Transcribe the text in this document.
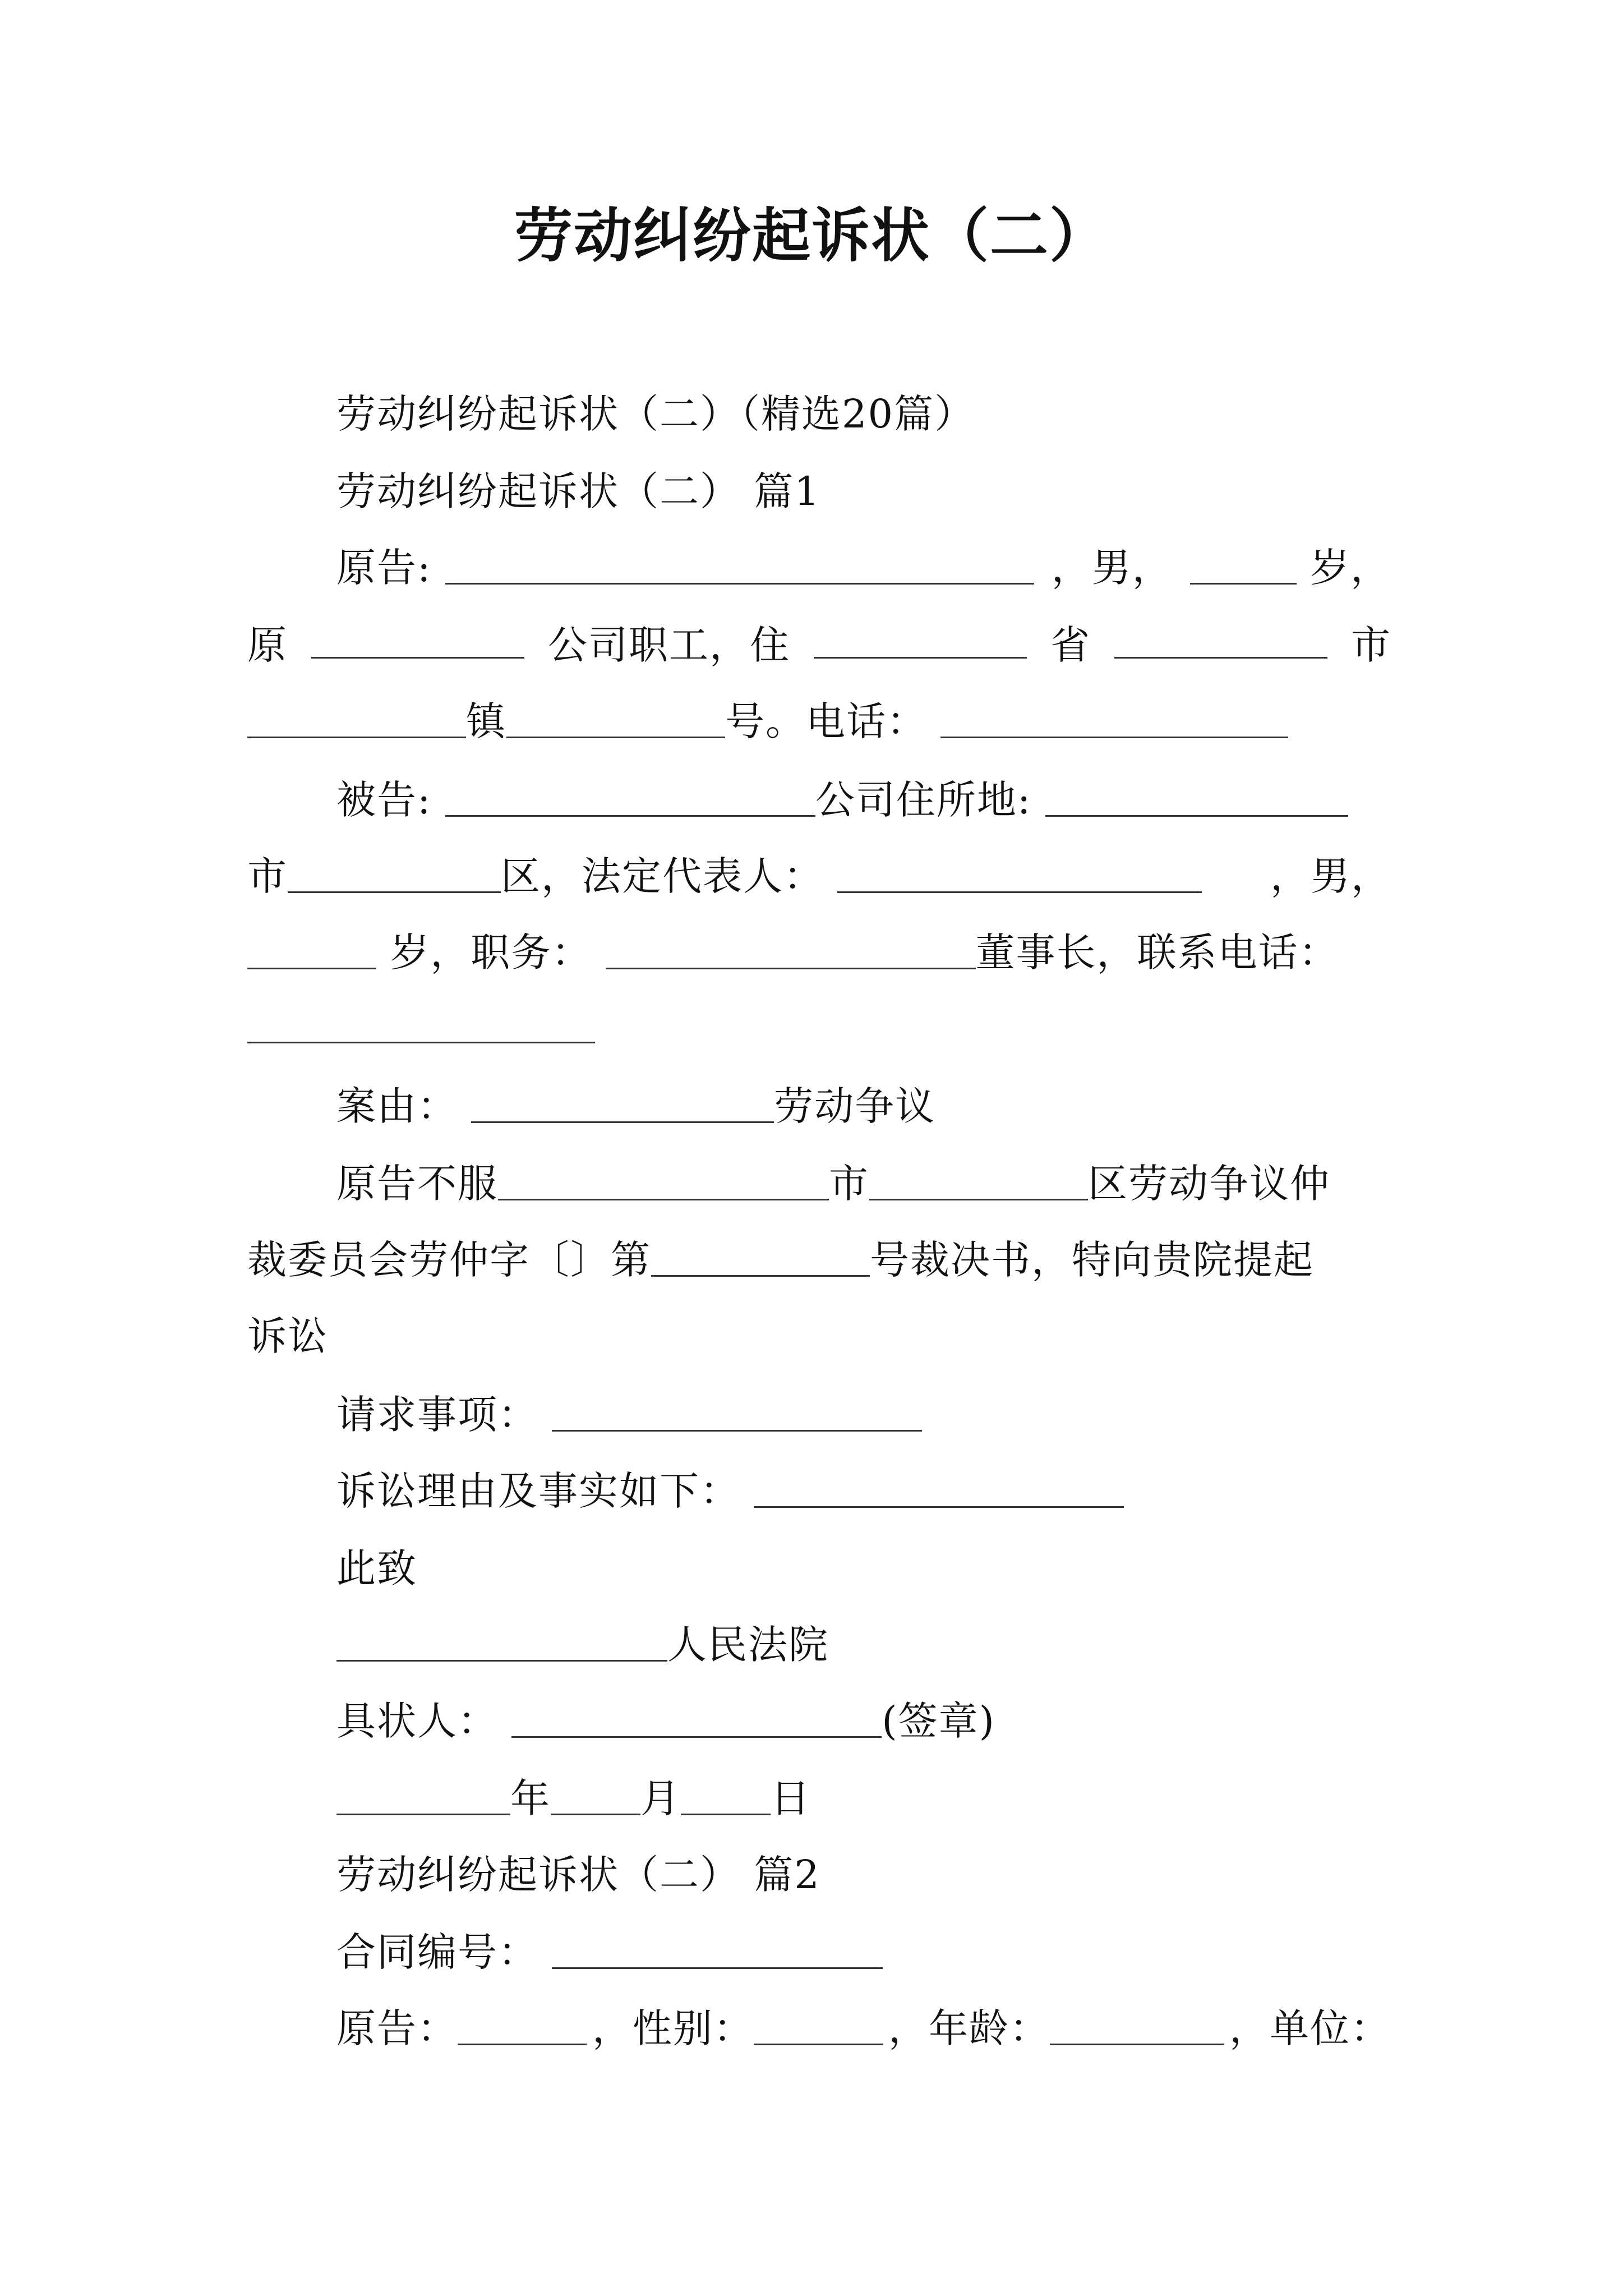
劳动纠纷起诉状（二）
劳动纠纷起诉状（二）（精选20篇）
劳动纠纷起诉状（二） 篇1
原告:	，男，	岁，
原	公司职工，住	省	市
镇	号。电话：
被告:	公司住所地:
市	区，法定代表人：	，男，
岁，职务：	董事长，联系电话：
案由：	劳动争议
原告不服	市	区劳动争议仲
裁委员会劳仲字〔〕第	号裁决书，特向贵院提起
诉讼
请求事项：
诉讼理由及事实如下：
此致
人民法院
具状人：	(签章)
年 月 日
劳动纠纷起诉状（二） 篇2
合同编号：
原告：	，性别：	，年龄：	，单位：
